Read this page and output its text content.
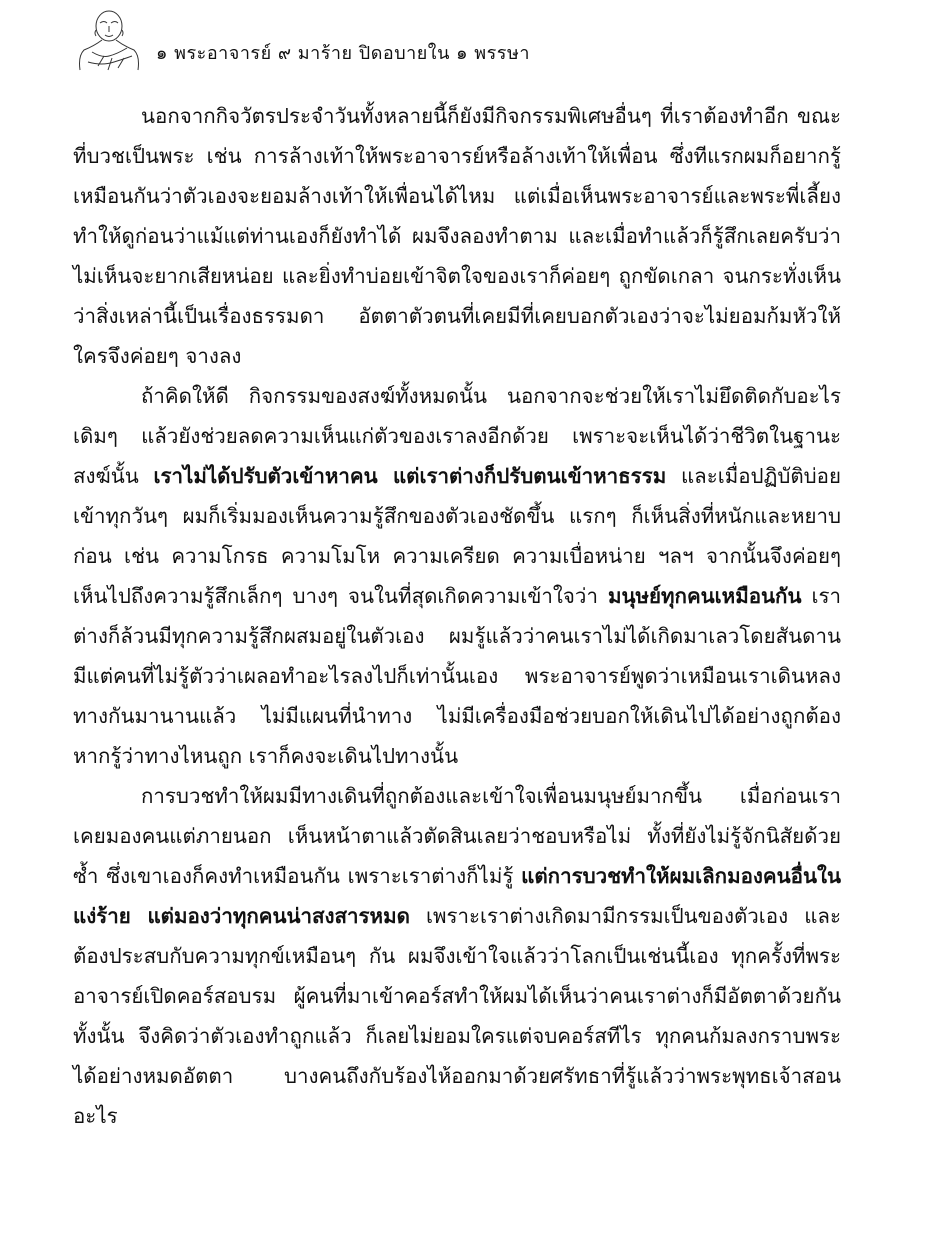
๑ พระอาจารย์ ๙ มาร้าย ปิดอบายใน ๑ พรรษา

นอกจากกิจวัตรประจำวันทั้งหลายนี้ก็ยังมีกิจกรรมพิเศษอื่นๆ ที่เราต้องทำอีก ขณะที่บวชเป็นพระ เช่น การล้างเท้าให้พระอาจารย์หรือล้างเท้าให้เพื่อน ซึ่งทีแรกผมก็อยากรู้เหมือนกันว่าตัวเองจะยอมล้างเท้าให้เพื่อนได้ไหม แต่เมื่อเห็นพระอาจารย์และพระพี่เลี้ยงทำให้ดูก่อนว่าแม้แต่ท่านเองก็ยังทำได้ ผมจึงลองทำตาม และเมื่อทำแล้วก็รู้สึกเลยครับว่าไม่เห็นจะยากเสียหน่อย และยิ่งทำบ่อยเข้าจิตใจของเราก็ค่อยๆ ถูกขัดเกลา จนกระทั่งเห็นว่าสิ่งเหล่านี้เป็นเรื่องธรรมดา อัตตาตัวตนที่เคยมีที่เคยบอกตัวเองว่าจะไม่ยอมก้มหัวให้ใครจึงค่อยๆ จางลง

ถ้าคิดให้ดี กิจกรรมของสงฆ์ทั้งหมดนั้น นอกจากจะช่วยให้เราไม่ยึดติดกับอะไรเดิมๆ แล้วยังช่วยลดความเห็นแก่ตัวของเราลงอีกด้วย เพราะจะเห็นได้ว่าชีวิตในฐานะสงฆ์นั้น เราไม่ได้ปรับตัวเข้าหาคน แต่เราต่างก็ปรับตนเข้าหาธรรม และเมื่อปฏิบัติบ่อยเข้าทุกวันๆ ผมก็เริ่มมองเห็นความรู้สึกของตัวเองชัดขึ้น แรกๆ ก็เห็นสิ่งที่หนักและหยาบก่อน เช่น ความโกรธ ความโมโห ความเครียด ความเบื่อหน่าย ฯลฯ จากนั้นจึงค่อยๆ เห็นไปถึงความรู้สึกเล็กๆ บางๆ จนในที่สุดเกิดความเข้าใจว่า มนุษย์ทุกคนเหมือนกัน เราต่างก็ล้วนมีทุกความรู้สึกผสมอยู่ในตัวเอง ผมรู้แล้วว่าคนเราไม่ได้เกิดมาเลวโดยสันดาน มีแต่คนที่ไม่รู้ตัวว่าเผลอทำอะไรลงไปก็เท่านั้นเอง พระอาจารย์พูดว่าเหมือนเราเดินหลงทางกันมานานแล้ว ไม่มีแผนที่นำทาง ไม่มีเครื่องมือช่วยบอกให้เดินไปได้อย่างถูกต้อง หากรู้ว่าทางไหนถูก เราก็คงจะเดินไปทางนั้น

การบวชทำให้ผมมีทางเดินที่ถูกต้องและเข้าใจเพื่อนมนุษย์มากขึ้น เมื่อก่อนเราเคยมองคนแต่ภายนอก เห็นหน้าตาแล้วตัดสินเลยว่าชอบหรือไม่ ทั้งที่ยังไม่รู้จักนิสัยด้วยซ้ำ ซึ่งเขาเองก็คงทำเหมือนกัน เพราะเราต่างก็ไม่รู้ แต่การบวชทำให้ผมเลิกมองคนอื่นในแง่ร้าย แต่มองว่าทุกคนน่าสงสารหมด เพราะเราต่างเกิดมามีกรรมเป็นของตัวเอง และต้องประสบกับความทุกข์เหมือนๆ กัน ผมจึงเข้าใจแล้วว่าโลกเป็นเช่นนี้เอง ทุกครั้งที่พระอาจารย์เปิดคอร์สอบรม ผู้คนที่มาเข้าคอร์สทำให้ผมได้เห็นว่าคนเราต่างก็มีอัตตาด้วยกันทั้งนั้น จึงคิดว่าตัวเองทำถูกแล้ว ก็เลยไม่ยอมใครแต่จบคอร์สทีไร ทุกคนก้มลงกราบพระได้อย่างหมดอัตตา บางคนถึงกับร้องไห้ออกมาด้วยศรัทธาที่รู้แล้วว่าพระพุทธเจ้าสอนอะไร
